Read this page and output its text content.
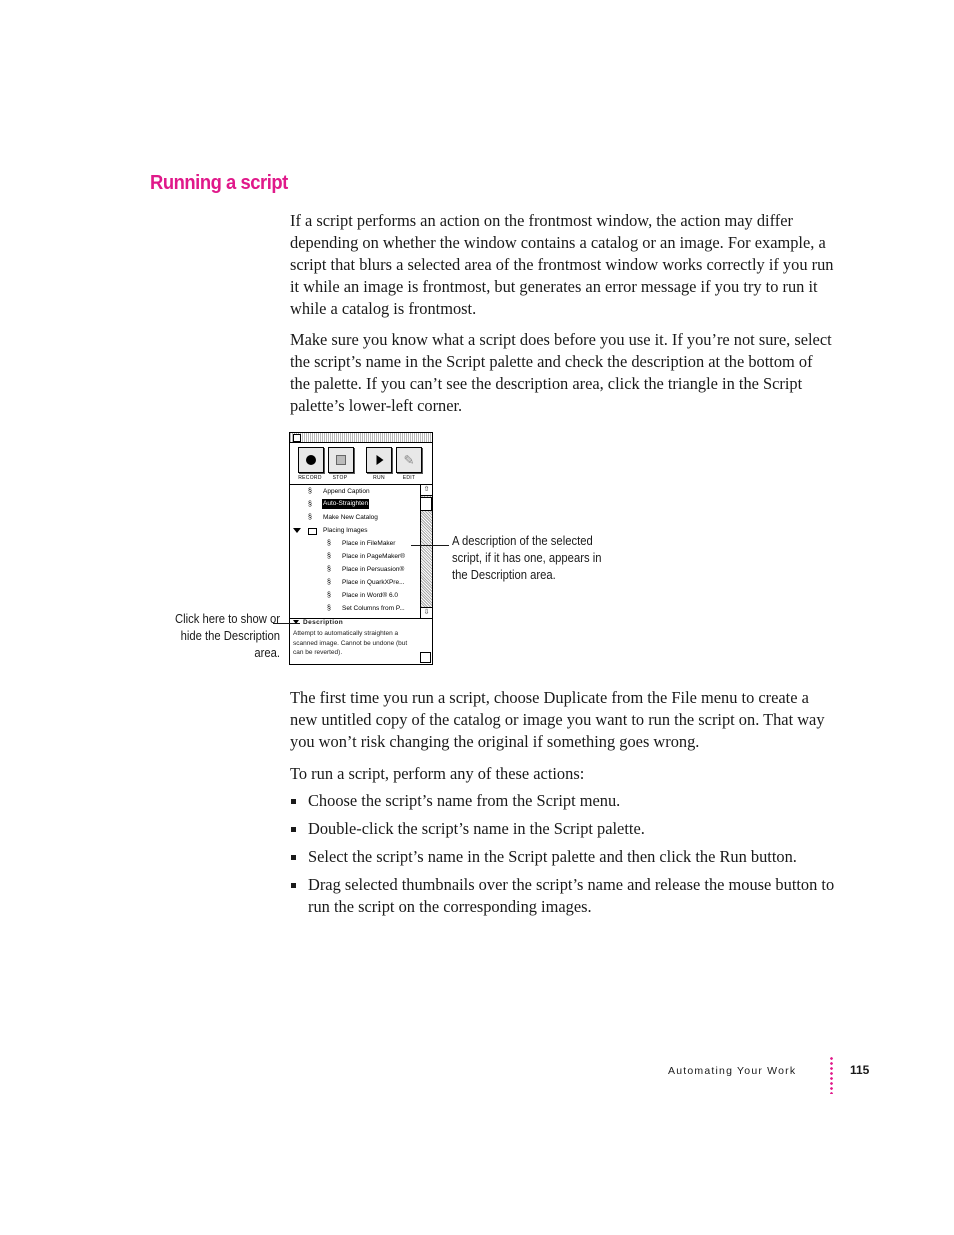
Running a script

If a script performs an action on the frontmost window, the action may differ depending on whether the window contains a catalog or an image. For example, a script that blurs a selected area of the frontmost window works correctly if you run it while an image is frontmost, but generates an error message if you try to run it while a catalog is frontmost.

Make sure you know what a script does before you use it. If you’re not sure, select the script’s name in the Script palette and check the description at the bottom of the palette. If you can’t see the description area, click the triangle in the Script palette’s lower-left corner.

✎
RECORD	STOP	RUN	EDIT
§	Append Caption
§	Auto-Straighten
§	Make New Catalog
Placing Images
§	Place in FileMaker
§	Place in PageMaker®
§	Place in Persuasion®
§	Place in QuarkXPre...
§	Place in Word® 6.0
§	Set Columns from P...
⇧
⇩
Description
Attempt to automatically straighten a scanned image. Cannot be undone (but can be reverted).
A description of the selected script, if it has one, appears in the Description area.
Click here to show or hide the Description area.

The first time you run a script, choose Duplicate from the File menu to create a new untitled copy of the catalog or image you want to run the script on. That way you won’t risk changing the original if something goes wrong.

To run a script, perform any of these actions:

Choose the script’s name from the Script menu.
Double-click the script’s name in the Script palette.
Select the script’s name in the Script palette and then click the Run button.
Drag selected thumbnails over the script’s name and release the mouse button to run the script on the corresponding images.
Automating Your Work	115
